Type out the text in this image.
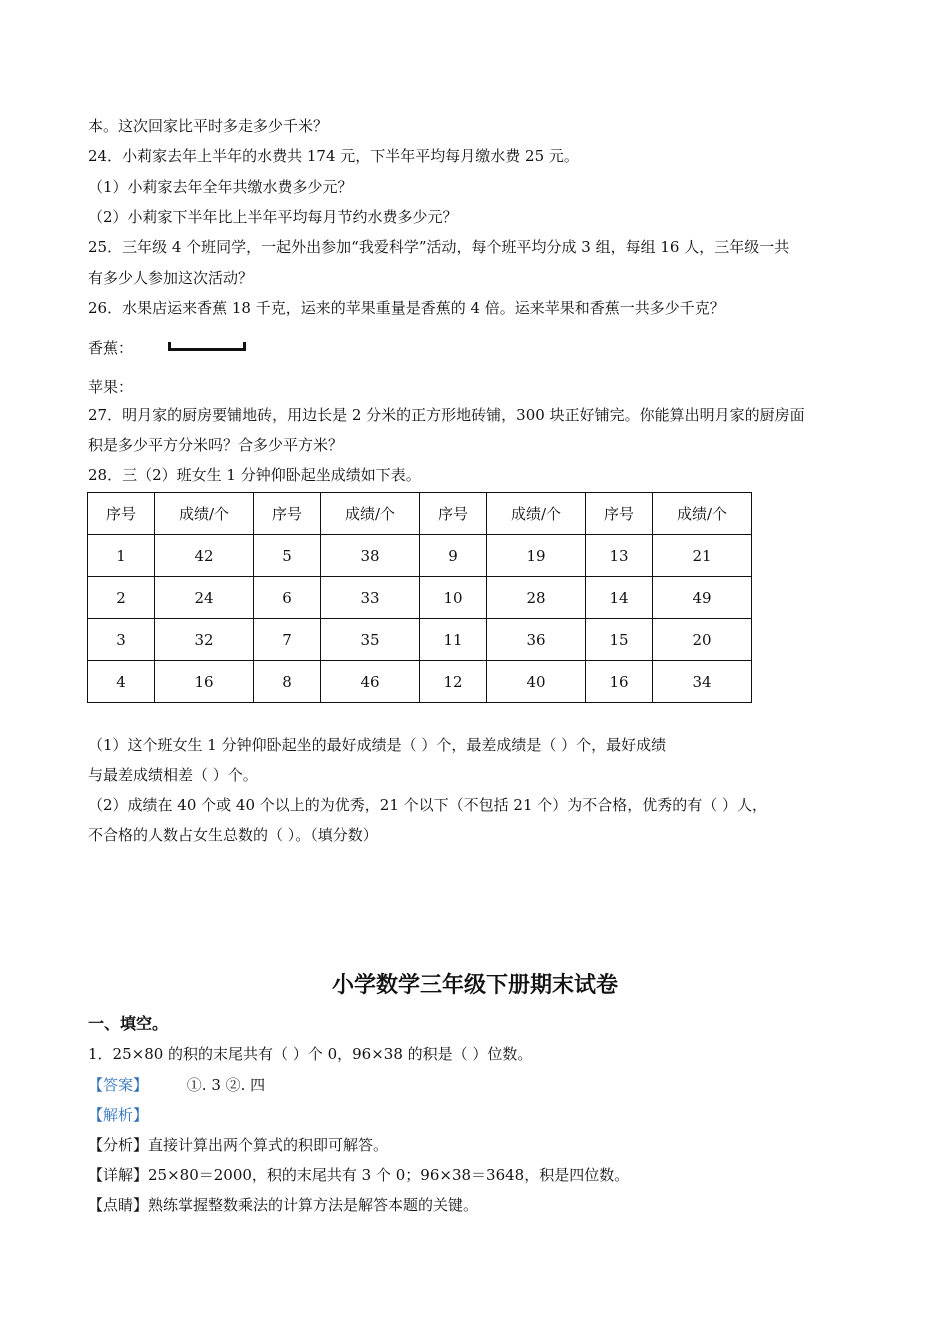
本。这次回家比平时多走多少千米？
24．小莉家去年上半年的水费共 174 元，下半年平均每月缴水费 25 元。
（1）小莉家去年全年共缴水费多少元？
（2）小莉家下半年比上半年平均每月节约水费多少元？
25．三年级 4 个班同学，一起外出参加“我爱科学”活动，每个班平均分成 3 组，每组 16 人，三年级一共
有多少人参加这次活动？
26．水果店运来香蕉 18 千克，运来的苹果重量是香蕉的 4 倍。运来苹果和香蕉一共多少千克？
香蕉：
苹果：
27．明月家的厨房要铺地砖，用边长是 2 分米的正方形地砖铺，300 块正好铺完。你能算出明月家的厨房面
积是多少平方分米吗？合多少平方米？
28．三（2）班女生 1 分钟仰卧起坐成绩如下表。
序号	成绩/个	序号	成绩/个	序号	成绩/个	序号	成绩/个
1	42	5	38	9	19	13	21
2	24	6	33	10	28	14	49
3	32	7	35	11	36	15	20
4	16	8	46	12	40	16	34
（1）这个班女生 1 分钟仰卧起坐的最好成绩是（ ）个，最差成绩是（ ）个，最好成绩
与最差成绩相差（ ）个。
（2）成绩在 40 个或 40 个以上的为优秀，21 个以下（不包括 21 个）为不合格，优秀的有（ ）人，
不合格的人数占女生总数的（ ）。（填分数）
小学数学三年级下册期末试卷
一、填空。
1．25×80 的积的末尾共有（ ）个 0，96×38 的积是（ ）位数。
【答案】	①. 3 ②. 四
【解析】
【分析】直接计算出两个算式的积即可解答。
【详解】25×80＝2000，积的末尾共有 3 个 0；96×38＝3648，积是四位数。
【点睛】熟练掌握整数乘法的计算方法是解答本题的关键。
